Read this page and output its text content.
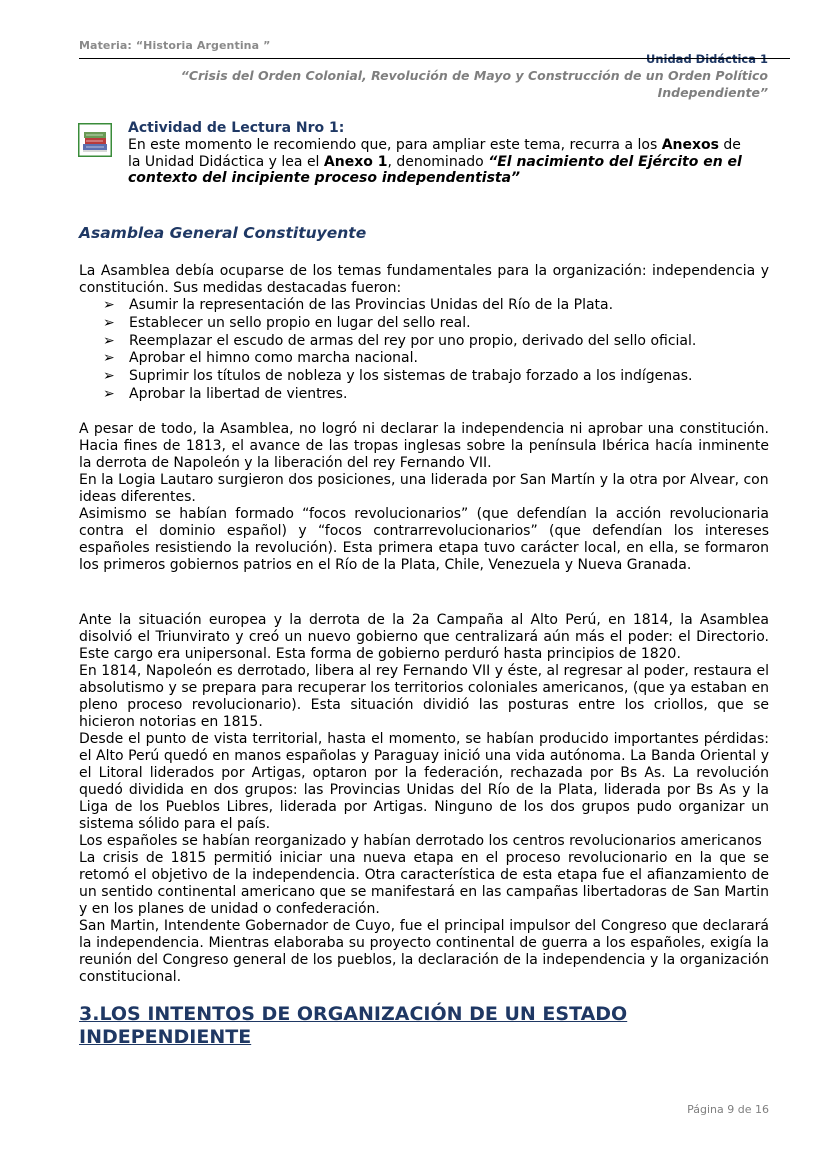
Materia: “Historia Argentina ”
Unidad Didáctica 1
“Crisis del Orden Colonial, Revolución de Mayo y Construcción de un Orden Político Independiente”
Actividad de Lectura Nro 1:
En este momento le recomiendo que, para ampliar este tema, recurra a los Anexos de la Unidad Didáctica y lea el Anexo 1, denominado “El nacimiento del Ejército en el contexto del incipiente proceso independentista”
Asamblea General Constituyente
La Asamblea debía ocuparse de los temas fundamentales para la organización: independencia y constitución. Sus medidas destacadas fueron:
➢ Asumir la representación de las Provincias Unidas del Río de la Plata.
➢ Establecer un sello propio en lugar del sello real.
➢ Reemplazar el escudo de armas del rey por uno propio, derivado del sello oficial.
➢ Aprobar el himno como marcha nacional.
➢ Suprimir los títulos de nobleza y los sistemas de trabajo forzado a los indígenas.
➢ Aprobar la libertad de vientres.
A pesar de todo, la Asamblea, no logró ni declarar la independencia ni aprobar una constitución. Hacia fines de 1813, el avance de las tropas inglesas sobre la península Ibérica hacía inminente la derrota de Napoleón y la liberación del rey Fernando VII.
En la Logia Lautaro surgieron dos posiciones, una liderada por San Martín y la otra por Alvear, con
ideas diferentes.
Asimismo se habían formado “focos revolucionarios” (que defendían la acción revolucionaria contra el dominio español) y “focos contrarrevolucionarios” (que defendían los intereses españoles resistiendo la revolución). Esta primera etapa tuvo carácter local, en ella, se formaron los primeros gobiernos patrios en el Río de la Plata, Chile, Venezuela y Nueva Granada.
Ante la situación europea y la derrota de la 2a Campaña al Alto Perú, en 1814, la Asamblea disolvió el Triunvirato y creó un nuevo gobierno que centralizará aún más el poder: el Directorio. Este cargo era unipersonal. Esta forma de gobierno perduró hasta principios de 1820.
En 1814, Napoleón es derrotado, libera al rey Fernando VII y éste, al regresar al poder, restaura el absolutismo y se prepara para recuperar los territorios coloniales americanos, (que ya estaban en pleno proceso revolucionario). Esta situación dividió las posturas entre los criollos, que se hicieron notorias en 1815.
Desde el punto de vista territorial, hasta el momento, se habían producido importantes pérdidas: el Alto Perú quedó en manos españolas y Paraguay inició una vida autónoma. La Banda Oriental y el Litoral liderados por Artigas, optaron por la federación, rechazada por Bs As. La revolución quedó dividida en dos grupos: las Provincias Unidas del Río de la Plata, liderada por Bs As y la Liga de los Pueblos Libres, liderada por Artigas. Ninguno de los dos grupos pudo organizar un sistema sólido para el país.
Los españoles se habían reorganizado y habían derrotado los centros revolucionarios americanos
La crisis de 1815 permitió iniciar una nueva etapa en el proceso revolucionario en la que se retomó el objetivo de la independencia. Otra característica de esta etapa fue el afianzamiento de un sentido continental americano que se manifestará en las campañas libertadoras de San Martin y en los planes de unidad o confederación.
San Martin, Intendente Gobernador de Cuyo, fue el principal impulsor del Congreso que declarará la independencia. Mientras elaboraba su proyecto continental de guerra a los españoles, exigía la reunión del Congreso general de los pueblos, la declaración de la independencia y la organización constitucional.
3.LOS INTENTOS DE ORGANIZACIÓN DE UN ESTADO INDEPENDIENTE
Página 9 de 16
